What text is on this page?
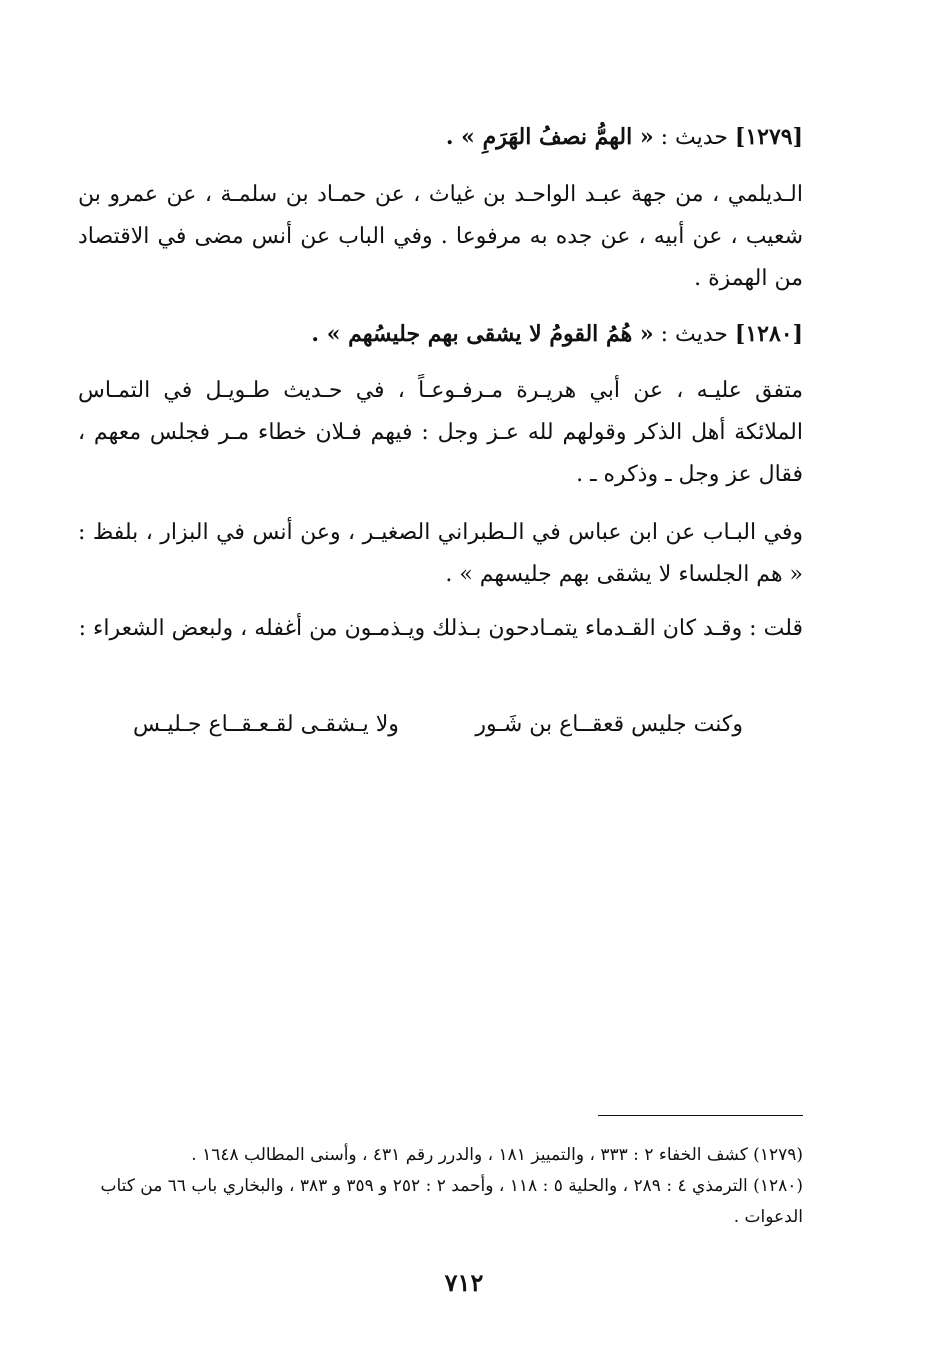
[١٢٧٩] حديث : « الهمُّ نصفُ الهَرَمِ » .

الـديلمي ، من جهة عبـد الواحـد بن غياث ، عن حمـاد بن سلمـة ، عن عمرو بن شعيب ، عن أبيه ، عن جده به مرفوعا . وفي الباب عن أنس مضى في الاقتصاد من الهمزة .

[١٢٨٠] حديث : « هُمُ القومُ لا يشقى بهم جليسُهم » .

متفق عليـه ، عن أبي هريـرة مـرفـوعـاً ، في حـديث طـويـل في التمـاس الملائكة أهل الذكر وقولهم لله عـز وجل : فيهم فـلان خطاء مـر فجلس معهم ، فقال عز وجل ـ وذكره ـ .

وفي البـاب عن ابن عباس في الـطبراني الصغيـر ، وعن أنس في البزار ، بلفظ : « هم الجلساء لا يشقى بهم جليسهم » .

قلت : وقـد كان القـدماء يتمـادحون بـذلك ويـذمـون من أغفله ، ولبعض الشعراء :

وكنت جليس قعقــاع بن شَـور
ولا يـشقـى لقـعـقــاع جـليـس

(١٢٧٩) كشف الخفاء ٢ : ٣٣٣ ، والتمييز ١٨١ ، والدرر رقم ٤٣١ ، وأسنى المطالب ١٦٤٨ .

(١٢٨٠) الترمذي ٤ : ٢٨٩ ، والحلية ٥ : ١١٨ ، وأحمد ٢ : ٢٥٢ و ٣٥٩ و ٣٨٣ ، والبخاري باب ٦٦ من كتاب الدعوات .

٧١٢
